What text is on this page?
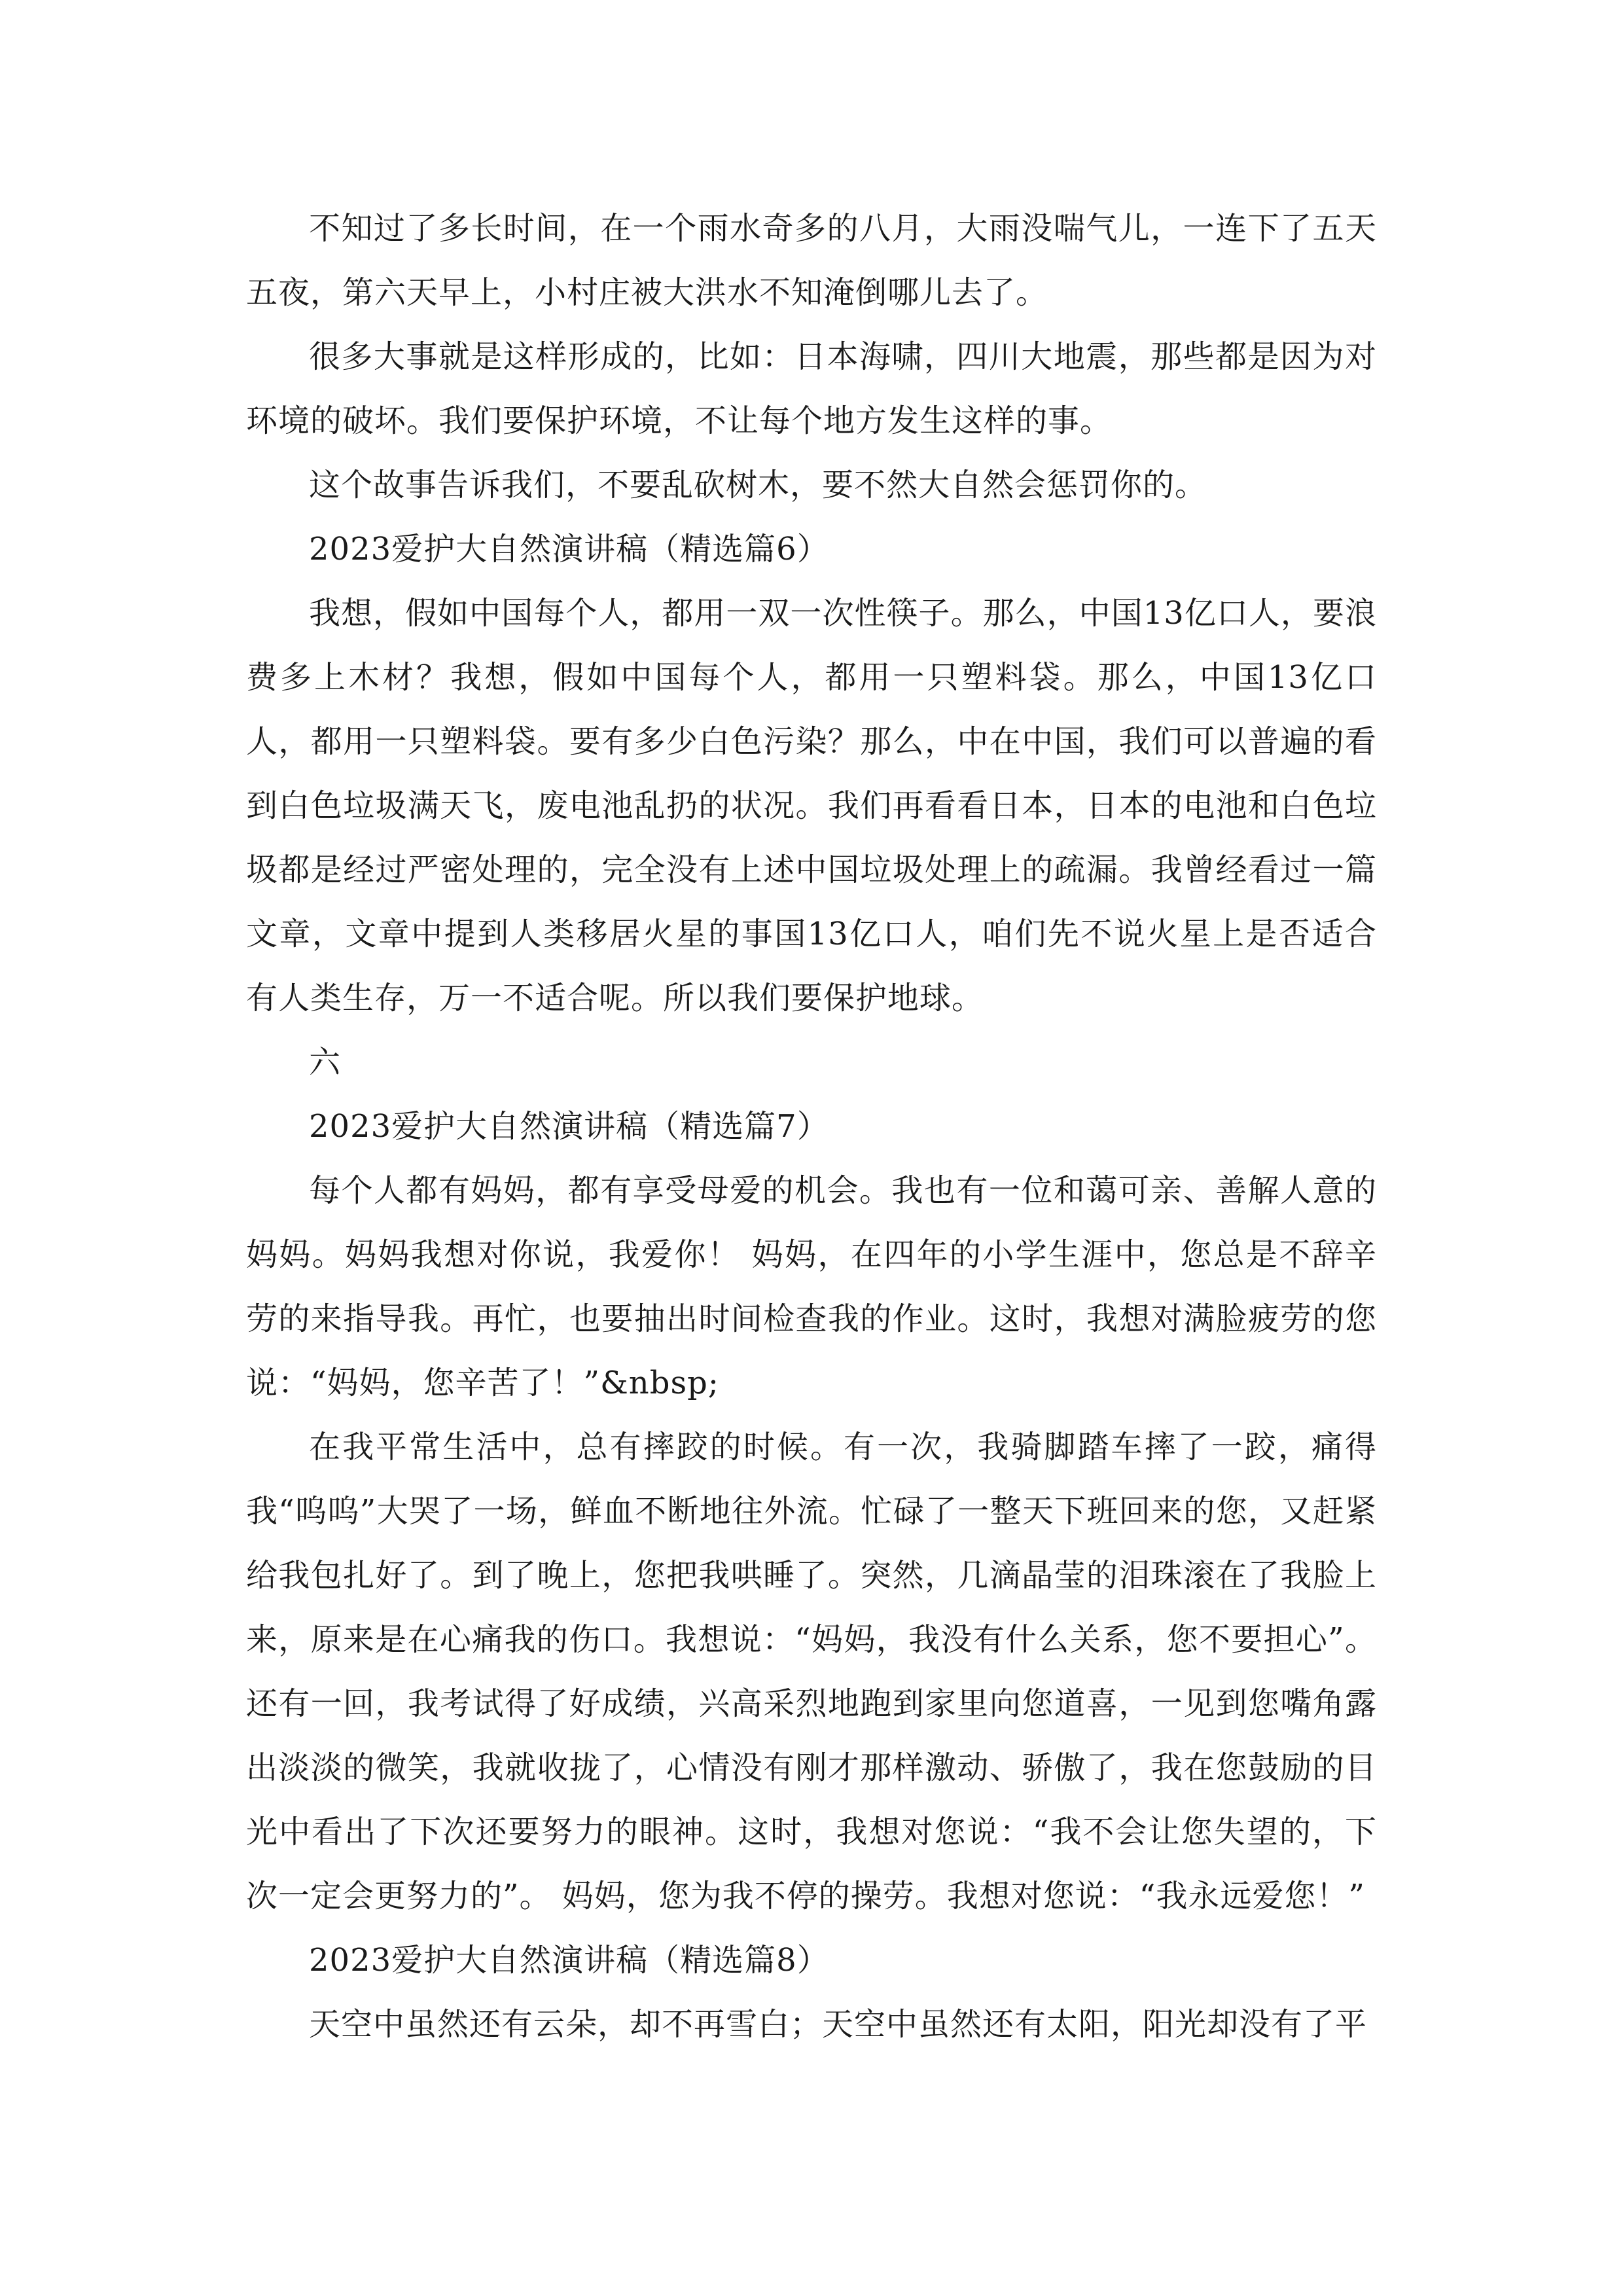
不知过了多长时间，在一个雨水奇多的八月，大雨没喘气儿，一连下了五天五夜，第六天早上，小村庄被大洪水不知淹倒哪儿去了。

很多大事就是这样形成的，比如：日本海啸，四川大地震，那些都是因为对环境的破坏。我们要保护环境，不让每个地方发生这样的事。

这个故事告诉我们，不要乱砍树木，要不然大自然会惩罚你的。

2023爱护大自然演讲稿（精选篇6）

我想，假如中国每个人，都用一双一次性筷子。那么，中国13亿口人，要浪费多上木材？我想，假如中国每个人，都用一只塑料袋。那么，中国13亿口人，都用一只塑料袋。要有多少白色污染？那么，中在中国，我们可以普遍的看到白色垃圾满天飞，废电池乱扔的状况。我们再看看日本，日本的电池和白色垃圾都是经过严密处理的，完全没有上述中国垃圾处理上的疏漏。我曾经看过一篇文章，文章中提到人类移居火星的事国13亿口人，咱们先不说火星上是否适合有人类生存，万一不适合呢。所以我们要保护地球。

六

2023爱护大自然演讲稿（精选篇7）

每个人都有妈妈，都有享受母爱的机会。我也有一位和蔼可亲、善解人意的妈妈。妈妈我想对你说，我爱你！ 妈妈，在四年的小学生涯中，您总是不辞辛劳的来指导我。再忙，也要抽出时间检查我的作业。这时，我想对满脸疲劳的您说：“妈妈，您辛苦了！”&nbsp;

在我平常生活中，总有摔跤的时候。有一次，我骑脚踏车摔了一跤，痛得我“呜呜”大哭了一场，鲜血不断地往外流。忙碌了一整天下班回来的您，又赶紧给我包扎好了。到了晚上，您把我哄睡了。突然，几滴晶莹的泪珠滚在了我脸上来，原来是在心痛我的伤口。我想说：“妈妈，我没有什么关系，您不要担心”。还有一回，我考试得了好成绩，兴高采烈地跑到家里向您道喜，一见到您嘴角露出淡淡的微笑，我就收拢了，心情没有刚才那样激动、骄傲了，我在您鼓励的目光中看出了下次还要努力的眼神。这时，我想对您说：“我不会让您失望的，下次一定会更努力的”。 妈妈，您为我不停的操劳。我想对您说：“我永远爱您！”

2023爱护大自然演讲稿（精选篇8）

天空中虽然还有云朵，却不再雪白；天空中虽然还有太阳，阳光却没有了平
